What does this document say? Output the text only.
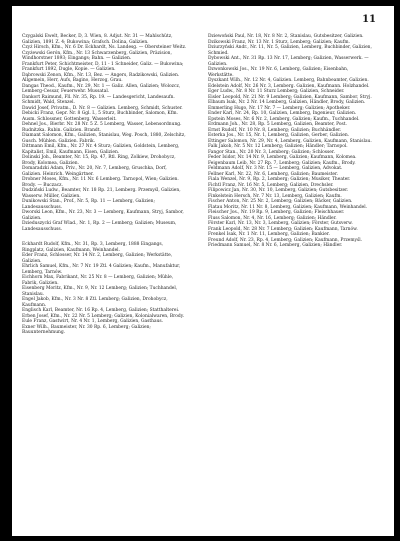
11

Czygalski Ewelt, Becker, D, 3. Wien, 8. Adjut. Nr. 31 — Mahlschütz, Galizien, 1891 Z. 4; Bukowina; Grafsch. Dolina, Galizien.

Czyż Hirsch, Kfm., Nr. 6 Dr. Eckhardt, Ns. Landesg. — Obersteiner Weitz.

Czyżewski Gerón, Kfm., Nr. 13 Schwarzenberg, Galizien, Präzision, Windhorstner 1893; Eingangs; Bahn. — Galizien.

Frankfurt Peter, Schichtmeister, D, 11 - 1 Schneider, Galiz. — Bukowina; Frankfurt 1892, Dugle, Kopie. — Galizien.

Dąbrowski Zenon, Kfm., Nr. 13, Bez. — Angers, Radzikowski, Galizien. Allgemein, Herr, Aufs, Bagino, Herzog, Grau.

Dangas Theod., Kaufm., Nr. 29, Nr. 1 — Galiz. Allen, Galizien; Wolozcz, Lemberg-Cessar, Feuerwehr. Mussatal.

Dankort Raimund, Fll. Nr. 35, Rp. 19. — Landesgericht, Landesaufn. Schmidt, Wald, Stenzel.

Dawid Josef, Privatm., D. Nr. 8 — Galizien. Lemberg, Schmidt, Schuster.

Debicki Franz, Gepr. Nr. 8 Ggl. I., 5 Sturz, Buchbinder, Salomon, Kfm. Ausm. Schlossner, Gottenberg. Wasserleit.

Dehnel Jos., Bierbr. Nr. 28 Nr. 5 Z. 5 Lemberg, Wasser, Lebensordnung. Rudnitzka. Rubin. Galizien. Brandt.

Diamant Salomon, Kfm., Galizien, Stanislau, Weg. Posch, 1880, Zelschitz, Gusch. Mühlen. Galizien. Fabrik.

Dittmann Emil, Kfm., Nr. 27 Nr. 4 Sturz; Galizien, Goldstein, Lemberg, Kapitalist, Emil, Kaufmann, Eisen, Galizien.

Dolinski Joh., Beamter, Nr. 15, Rp. 47, Rtl. Ring, Zolkiew, Drohobycz, Brody, Kolomea, Galizien.

Domaradzki Adam, Priv., Nr. 20, Nr. 7, Lemberg, Gruschka, Dorf, Galizien. Heinrich. Weingärtner.

Drobner Moses, Kfm., Nr. 11 Nr. 6 Lemberg. Tarnopol, Wien; Galizien. Brody. — Buczacz.

Dudziński Ludw., Beamter, Nr. 18 Rp. 21, Lemberg. Przemyśl, Galizien, Wasserw. Müller, Galizien.

Dunikowski Stan., Prof., Nr. 5, Rp. 11 — Lemberg, Galizien; Landesausschuss.

Dworski Leon, Kfm., Nr. 23, Nr. 3 — Lemberg, Kaufmann, Stryj, Sambor, Galizien.

Dzieduszycki Graf Wlad., Nr. 1, Rp. 2 — Lemberg; Galizien; Museum, Landesausschuss.

Eckhardt Rudolf, Kfm., Nr. 31, Rp. 3, Lemberg, 1888 Eingangs, Ringplatz, Galizien, Kaufmann, Weinhandel.

Eder Franz, Schlosser, Nr. 14 Nr. 2, Lemberg, Galizien; Werkstätte, Galizien.

Ehrlich Samuel, Kfm., Nr. 7 Nr. 19 Ztl. 4 Galizien; Kaufm., Manufaktur, Lemberg, Tarnów.

Eichhorn Max, Fabrikant, Nr. 25 Nr. 8 — Lemberg, Galizien; Mühle, Fabrik, Galizien.

Eisenberg Moritz, Kfm., Nr. 9, Nr. 12 Lemberg; Galizien; Tuchhandel, Stanislau.

Engel Jakob, Kfm., Nr. 3 Nr. 8 Ztl. Lemberg; Galizien, Drohobycz, Kaufmann.

Englisch Karl, Beamter, Nr. 16 Rp. 4, Lemberg, Galizien; Statthalterei.

Erben Josef, Kfm., Nr. 22 Nr. 5 Lemberg; Galizien, Kolonialwaren, Brody.

Eule Franz, Gastwirt, Nr. 4 Nr. 1, Lemberg, Galizien, Gasthaus.

Exner Wilh., Baumeister, Nr. 30 Rp. 6, Lemberg; Galizien; Bauunternehmung.

Dziewoński Paul, Nr. 18, Nr. 8 Nr. 2, Stanislau, Gutsbesitzer, Galizien.

Dzikowski Franz, Nr. 13 Nr. 1 Sturz, Lemberg; Galizien; Kaufm.

Dziurzyński Andr., Nr. 11, Nr. 5, Galizien, Lemberg, Buchbinder, Galizien, Schmied.

Dybowski Ant., Nr. 31 Rp. 13 Nr. 17, Lemberg; Galizien, Wasserwerk. — Galizien.

Dzwonkowski Jos., Nr. 19 Nr. 6, Lemberg, Galizien; Eisenbahn, Werkstätte.

Dyszkant Wilh., Nr. 12 Nr. 4, Galizien. Lemberg, Bahnbeamter, Galizien.

Edelstein Adolf, Nr. 26 Nr. 3, Lemberg. Galizien, Kaufmann. Holzhandel.

Eger Ludw., Nr. 8 Nr. 11 Sturz Lemberg; Galizien, Schneider.

Eisler Leopold, Nr. 21 Nr. 9 Lemberg; Galizien, Kaufmann, Sambor, Stryj.

Elbaum Isak, Nr. 2 Nr. 14 Lemberg, Galizien, Händler, Brody, Galizien.

Emmerling Hugo, Nr. 17 Nr. 7 — Lemberg; Galizien; Apotheker.

Ender Karl, Nr. 24, Rp. 10, Galizien, Lemberg, Ingenieur, Galizien.

Epstein Moses, Nr. 6 Nr. 2, Lemberg, Galizien; Kaufm., Tuchhandel.

Erdmann Joh., Nr. 28, Rp. 5 Lemberg, Galizien, Beamter, Post.

Ernst Rudolf, Nr. 10 Nr. 8, Lemberg; Galizien; Buchhändler.

Esterka Jos., Nr. 15, Nr. 1, Lemberg, Galizien, Gerber, Galizien.

Ettinger Salomon, Nr. 29, Nr. 4, Lemberg, Galizien, Kaufmann, Stanislau.

Falk Jakob, Nr. 5 Nr. 12 Lemberg; Galizien; Händler; Tarnopol.

Fangor Stan., Nr. 20 Nr. 3, Lemberg; Galizien; Schlosser.

Feder Isidor, Nr. 14 Nr. 9, Lemberg, Galizien; Kaufmann, Kolomea.

Feigenbaum Leib, Nr. 27 Rp. 7, Lemberg; Galizien; Kaufm., Brody.

Feldmann Adolf, Nr. 3 Nr. 15 — Lemberg, Galizien, Advokat.

Fellner Karl, Nr. 22, Nr. 6, Lemberg, Galizien; Baumeister.

Fiala Wenzel, Nr. 9, Rp. 2, Lemberg; Galizien; Musiker, Theater.

Fichtl Franz, Nr. 16 Nr. 5, Lemberg; Galizien, Drechsler.

Filipowicz Jan, Nr. 30, Nr. 10, Lemberg, Galizien; Gutsbesitzer.

Finkelstein Hersch, Nr. 7 Nr. 13, Lemberg, Galizien; Kaufm.

Fischer Anton, Nr. 25 Nr. 2, Lemberg; Galizien; Bäcker, Galizien.

Flatau Moritz, Nr. 11 Nr. 8, Lemberg, Galizien; Kaufmann, Weinhandel.

Fleischer Jos., Nr. 19 Rp. 9, Lemberg, Galizien; Fleischhauer.

Fluss Salomon, Nr. 4, Nr. 16, Lemberg; Galizien; Händler.

Förster Karl, Nr. 13, Nr. 3, Lemberg, Galizien; Förster, Gutsverw.

Frank Leopold, Nr. 28 Nr. 7 Lemberg; Galizien; Kaufmann, Tarnów.

Frenkel Isak, Nr. 1 Nr. 11, Lemberg, Galizien; Bankier.

Freund Adolf, Nr. 23, Rp. 4, Lemberg; Galizien; Kaufmann, Przemyśl.

Friedmann Samuel, Nr. 8 Nr. 6, Lemberg, Galizien; Händler.
